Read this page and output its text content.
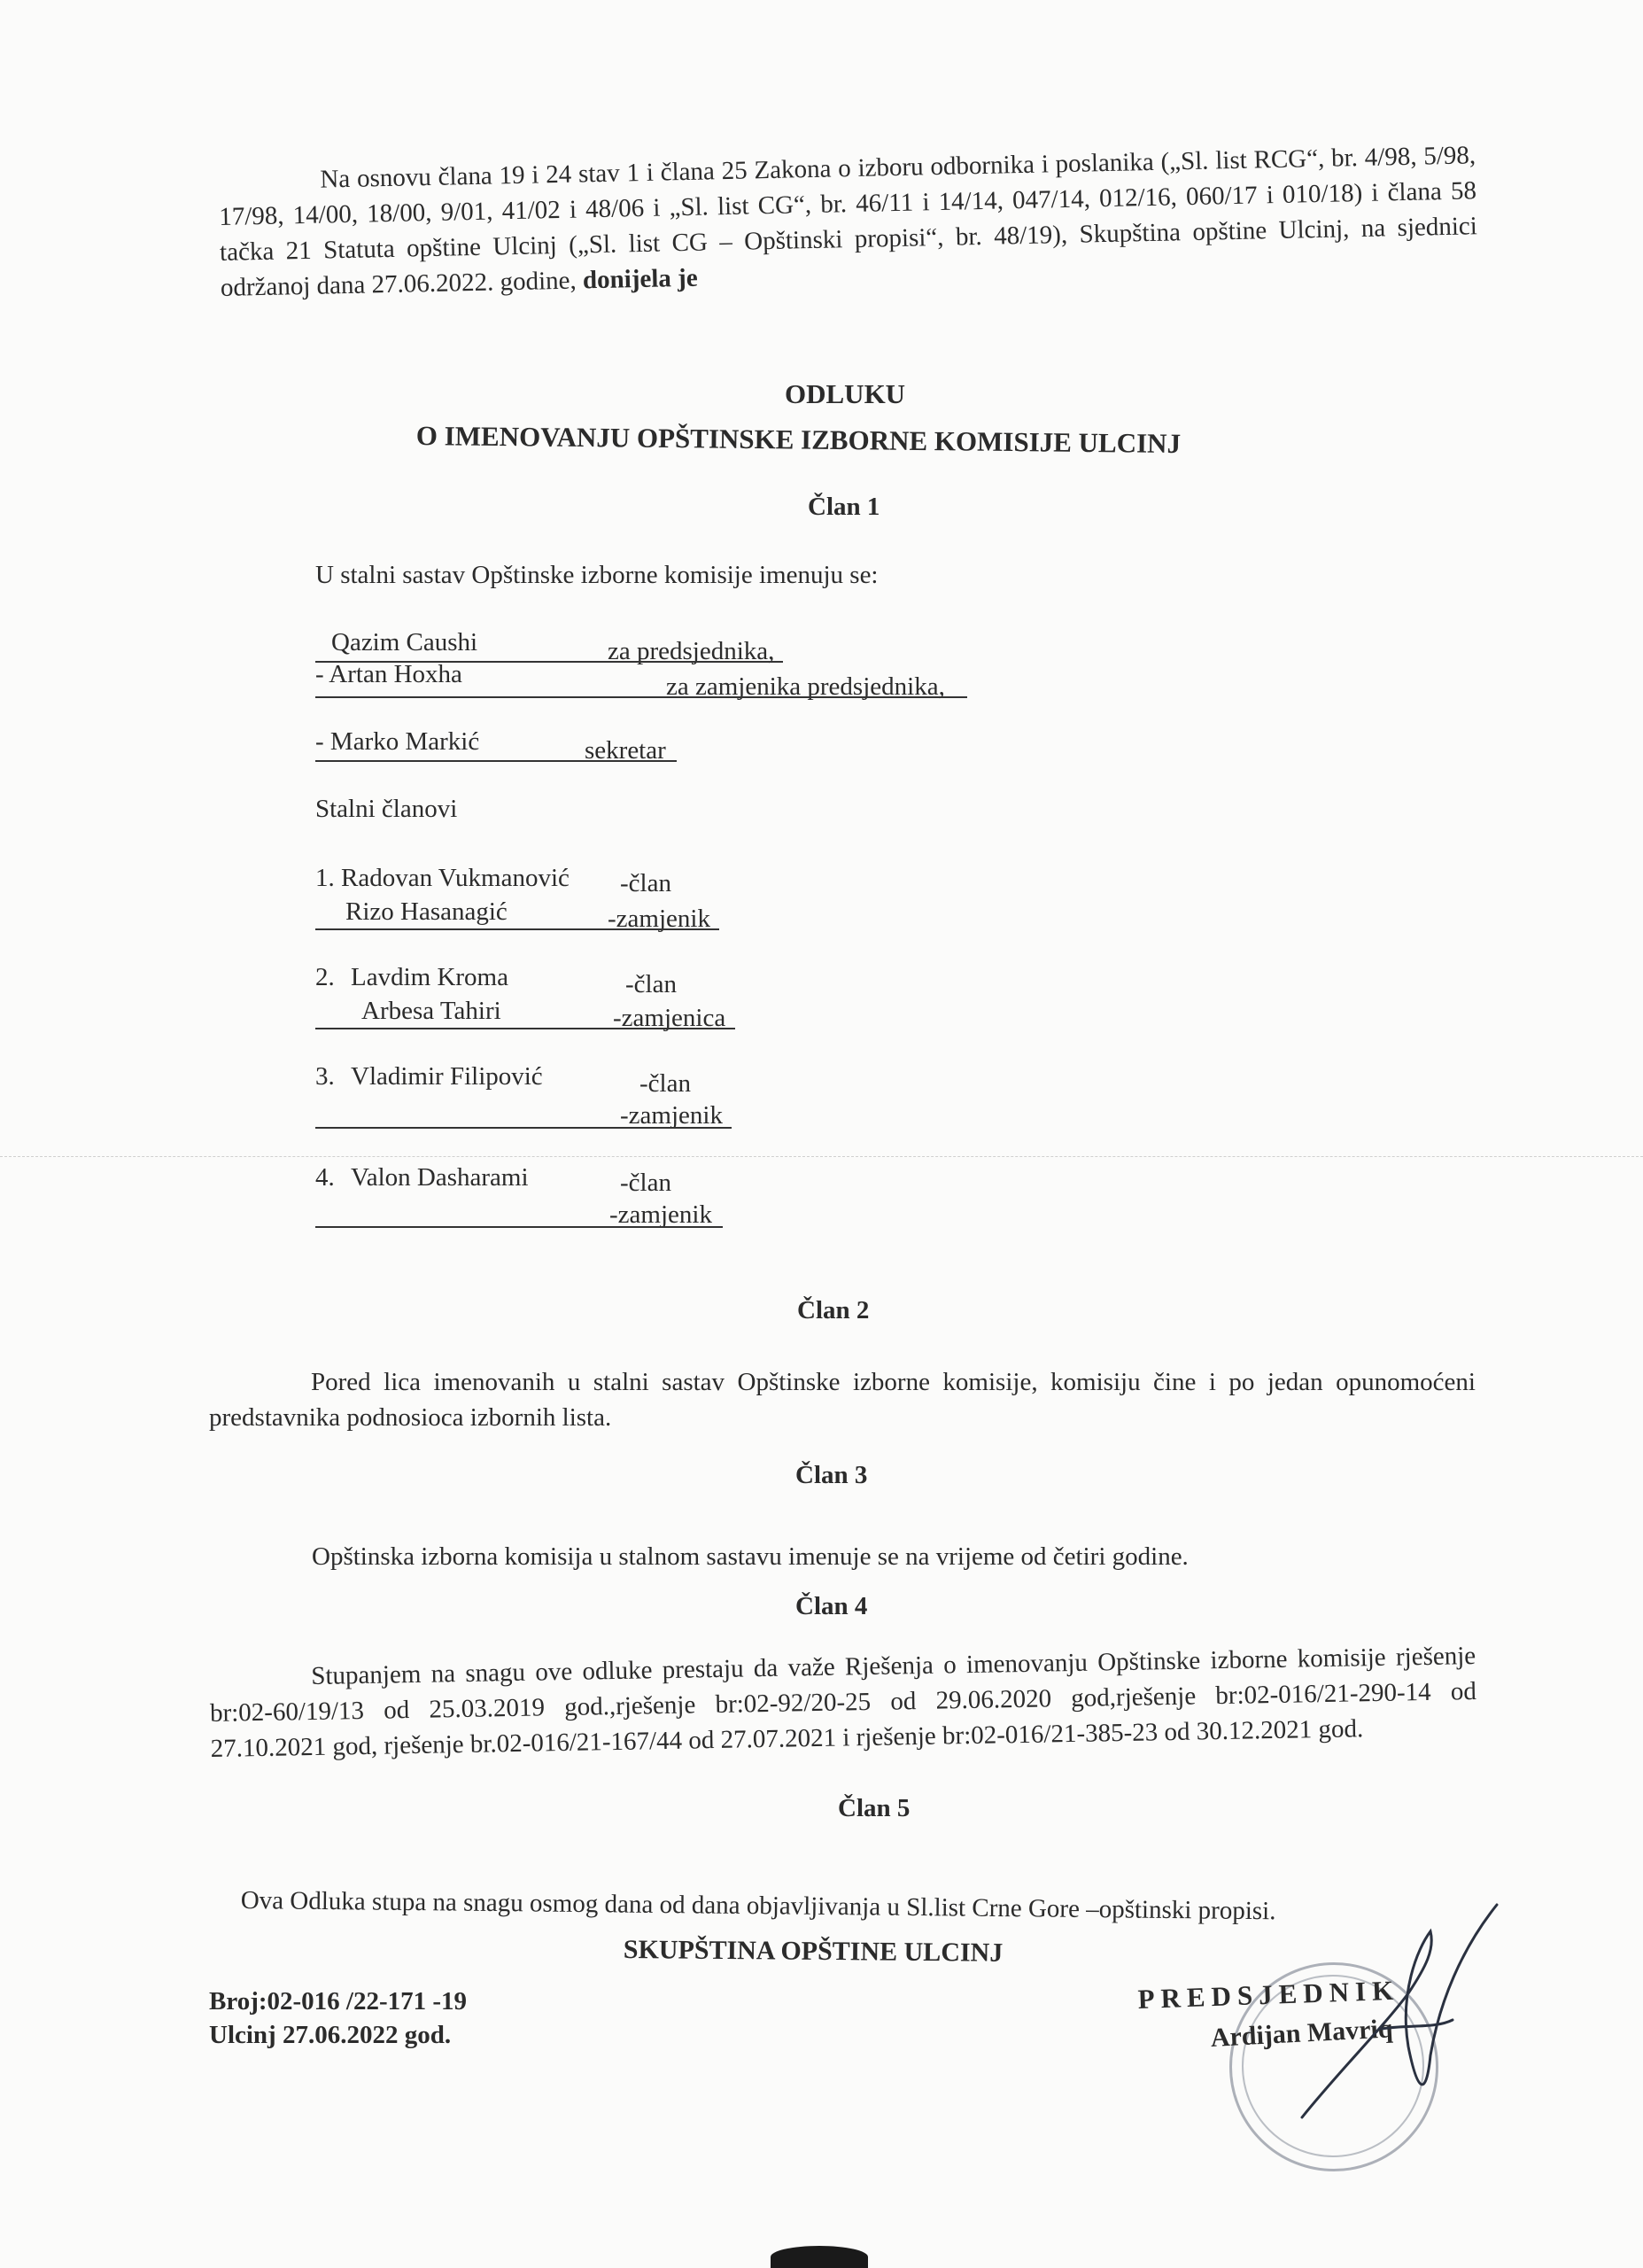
Na osnovu člana 19 i 24 stav 1 i člana 25 Zakona o izboru odbornika i poslanika („Sl. list RCG“, br. 4/98, 5/98, 17/98, 14/00, 18/00, 9/01, 41/02 i 48/06 i „Sl. list CG“, br. 46/11 i 14/14, 047/14, 012/16, 060/17 i 010/18) i člana 58 tačka 21 Statuta opštine Ulcinj („Sl. list CG – Opštinski propisi“, br. 48/19), Skupština opštine Ulcinj, na sjednici održanoj dana 27.06.2022. godine, donijela je

ODLUKU
O IMENOVANJU OPŠTINSKE IZBORNE KOMISIJE ULCINJ
Član 1
U stalni sastav Opštinske izborne komisije imenuju se:
Qazim Caushi	za predsjednika,
- Artan Hoxha	za zamjenika predsjednika,
- Marko Markić	sekretar
Stalni članovi
1. Radovan Vukmanović -član
Rizo Hasanagić	-zamjenik
2. Lavdim Kroma	-član
Arbesa Tahiri	-zamjenica
3. Vladimir Filipović	-član
-zamjenik
4. Valon Dasharami	-član
-zamjenik
Član 2
Pored lica imenovanih u stalni sastav Opštinske izborne komisije, komisiju čine i po jedan opunomoćeni predstavnika podnosioca izbornih lista.
Član 3
Opštinska izborna komisija u stalnom sastavu imenuje se na vrijeme od četiri godine.
Član 4
Stupanjem na snagu ove odluke prestaju da važe Rješenja o imenovanju Opštinske izborne komisije rješenje br:02-60/19/13 od 25.03.2019 god.,rješenje br:02-92/20-25 od 29.06.2020 god,rješenje br:02-016/21-290-14 od 27.10.2021 god, rješenje br.02-016/21-167/44 od 27.07.2021 i rješenje br:02-016/21-385-23 od 30.12.2021 god.
Član 5
Ova Odluka stupa na snagu osmog dana od dana objavljivanja u Sl.list Crne Gore –opštinski propisi.
SKUPŠTINA OPŠTINE ULCINJ
Broj:02-016 /22-171 -19
Ulcinj 27.06.2022 god.
PREDSJEDNIK
Ardijan Mavriq
